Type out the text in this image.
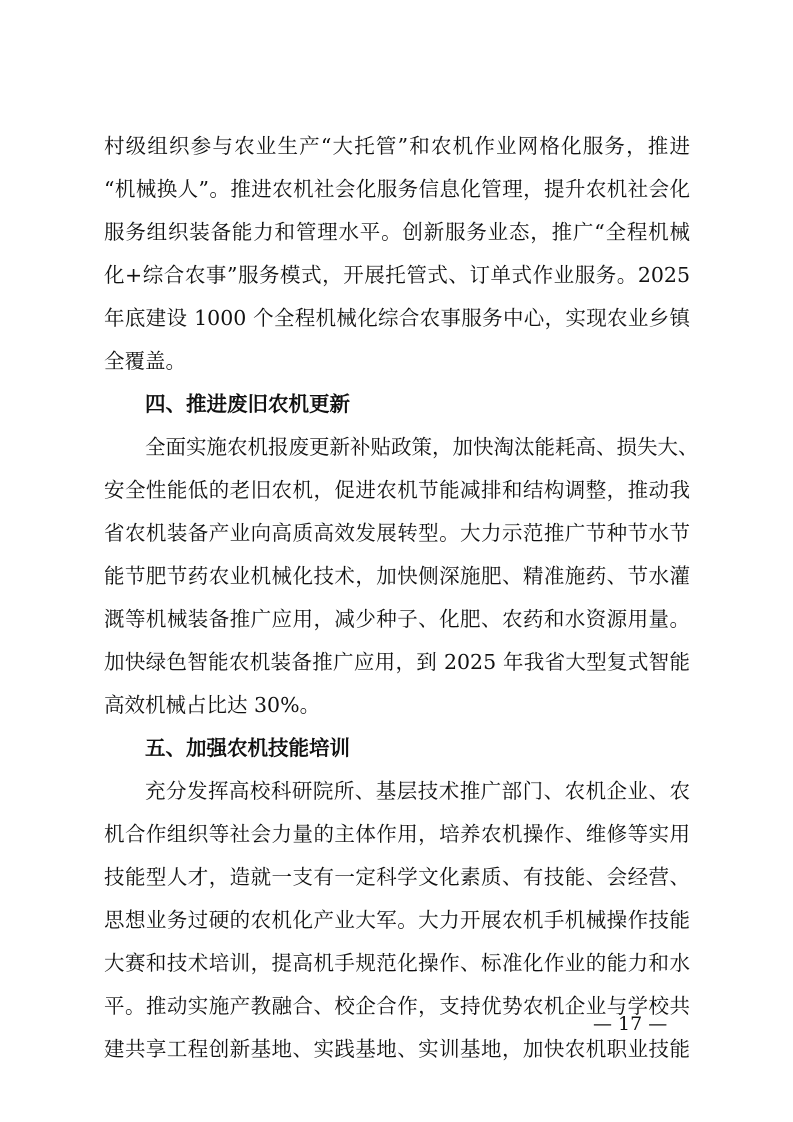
村级组织参与农业生产“大托管”和农机作业网格化服务，推进
“机械换人”。推进农机社会化服务信息化管理，提升农机社会化
服务组织装备能力和管理水平。创新服务业态，推广“全程机械
化+综合农事”服务模式，开展托管式、订单式作业服务。2025
年底建设 1000 个全程机械化综合农事服务中心，实现农业乡镇
全覆盖。
四、推进废旧农机更新
全面实施农机报废更新补贴政策，加快淘汰能耗高、损失大、
安全性能低的老旧农机，促进农机节能减排和结构调整，推动我
省农机装备产业向高质高效发展转型。大力示范推广节种节水节
能节肥节药农业机械化技术，加快侧深施肥、精准施药、节水灌
溉等机械装备推广应用，减少种子、化肥、农药和水资源用量。
加快绿色智能农机装备推广应用，到 2025 年我省大型复式智能
高效机械占比达 30%。
五、加强农机技能培训
充分发挥高校科研院所、基层技术推广部门、农机企业、农
机合作组织等社会力量的主体作用，培养农机操作、维修等实用
技能型人才，造就一支有一定科学文化素质、有技能、会经营、
思想业务过硬的农机化产业大军。大力开展农机手机械操作技能
大赛和技术培训，提高机手规范化操作、标准化作业的能力和水
平。推动实施产教融合、校企合作，支持优势农机企业与学校共
建共享工程创新基地、实践基地、实训基地，加快农机职业技能
— 17 —
